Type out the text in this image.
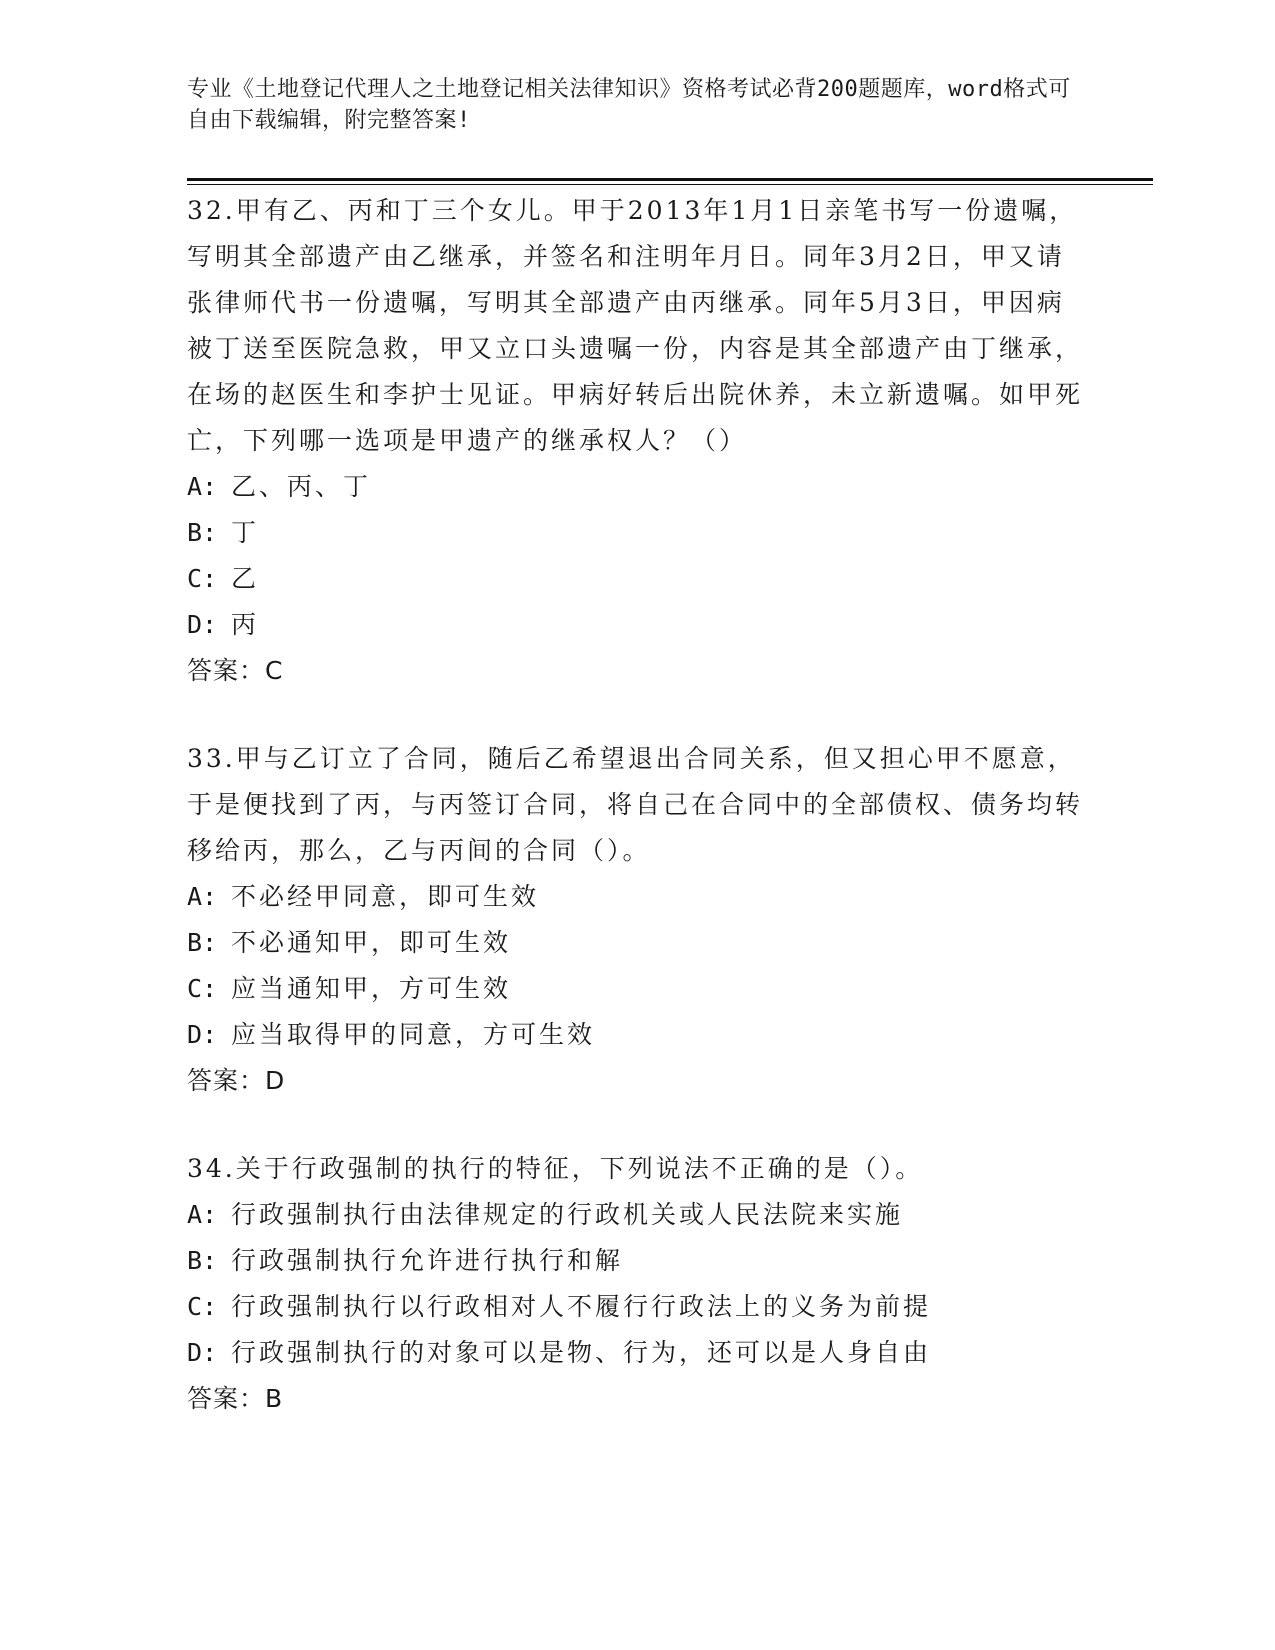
专业《土地登记代理人之土地登记相关法律知识》资格考试必背200题题库，word格式可自由下载编辑，附完整答案!

32.甲有乙、丙和丁三个女儿。甲于2013年1月1日亲笔书写一份遗嘱，写明其全部遗产由乙继承，并签名和注明年月日。同年3月2日，甲又请张律师代书一份遗嘱，写明其全部遗产由丙继承。同年5月3日，甲因病被丁送至医院急救，甲又立口头遗嘱一份，内容是其全部遗产由丁继承，在场的赵医生和李护士见证。甲病好转后出院休养，未立新遗嘱。如甲死亡，下列哪一选项是甲遗产的继承权人？（）

A: 乙、丙、丁
B: 丁
C: 乙
D: 丙

答案：C

33.甲与乙订立了合同，随后乙希望退出合同关系，但又担心甲不愿意，于是便找到了丙，与丙签订合同，将自己在合同中的全部债权、债务均转移给丙，那么，乙与丙间的合同（）。

A: 不必经甲同意，即可生效
B: 不必通知甲，即可生效
C: 应当通知甲，方可生效
D: 应当取得甲的同意，方可生效

答案：D

34.关于行政强制的执行的特征，下列说法不正确的是（）。

A: 行政强制执行由法律规定的行政机关或人民法院来实施
B: 行政强制执行允许进行执行和解
C: 行政强制执行以行政相对人不履行行政法上的义务为前提
D: 行政强制执行的对象可以是物、行为，还可以是人身自由

答案：B
